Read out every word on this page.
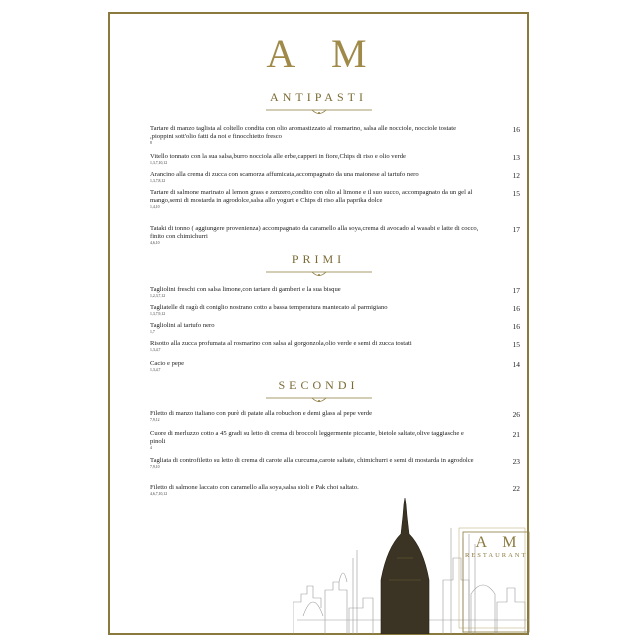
A M
ANTIPASTI
Tartare di manzo taglista al coltello condita con olio aromastizzato al rosmarino, salsa alle nocciole, nocciole tostate ,pioppini sott'olio fatti da noi e finocchietto fresco
8
16
Vitello tonnato con la sua salsa,burro nocciola alle erbe,capperi in fiore,Chips di riso e olio verde
1,3,7,10,12
13
Arancino alla crema di zucca con scamorza affumicata,accompagnato da una maionese al tartufo nero
1,3,7,8,12
12
Tartare di salmone marinato al lemon grass e zenzero,condito con olio al limone e il suo succo, accompagnato da un gel al mango,semi di mostarda in agrodolce,salsa allo yogurt e Chips di riso alla paprika dolce
1,4,10
15
Tataki di tonno ( aggiungere provenienza) accompagnato da caramello alla soya,crema di avocado al wasabi e latte di cocco, finito con chimichurri
4,6,10
17
PRIMI
Tagliolini freschi con salsa limone,con tartare di gamberi e la sua bisque
1,2,3,7,12
17
Tagliatelle di ragù di coniglio nostrano cotto a bassa temperatura mantecato al parmigiano
1,3,7,9,12
16
Tagliolini al tartufo nero
1,7
16
Risotto alla zucca profumata al rosmarino con salsa al gorgonzola,olio verde e semi di zucca tostati
1,3,4,7
15
Cacio e pepe
1,3,4,7
14
SECONDI
Filetto di manzo italiano con purè di patate alla robuchon e demi glass al pepe verde
7,9,12
26
Cuore di merluzzo cotto a 45 gradi su letto di crema di broccoli leggermente piccante, bietole saltate,olive taggiasche e pinoli
4
21
Tagliata di controfiletto su letto di crema di carote alla curcuma,carote saltate, chimichurri e semi di mostarda in agrodolce
7,9,10
23
Filetto di salmone laccato con caramello alla soya,salsa sioli e Pak choi saltato.
4,6,7,10,12
22
A M
RESTAURANT
